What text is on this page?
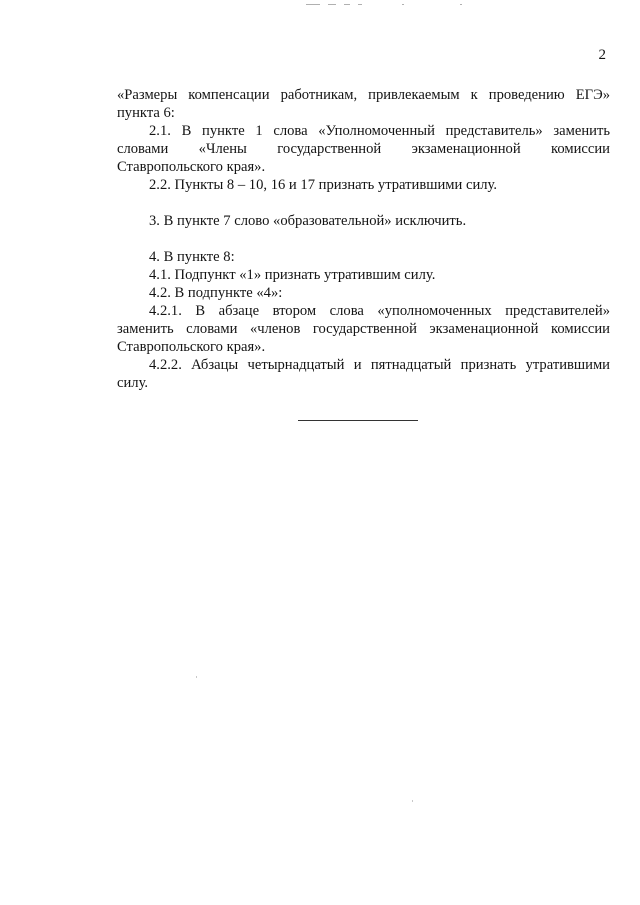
2

«Размеры компенсации работникам, привлекаемым к проведению ЕГЭ» пункта 6:

2.1. В пункте 1 слова «Уполномоченный представитель» заменить словами «Члены государственной экзаменационной комиссии Ставропольского края».

2.2. Пункты 8 – 10, 16 и 17 признать утратившими силу.

3. В пункте 7 слово «образовательной» исключить.

4. В пункте 8:

4.1. Подпункт «1» признать утратившим силу.

4.2. В подпункте «4»:

4.2.1. В абзаце втором слова «уполномоченных представителей» заменить словами «членов государственной экзаменационной комиссии Ставропольского края».

4.2.2. Абзацы четырнадцатый и пятнадцатый признать утратившими силу.
